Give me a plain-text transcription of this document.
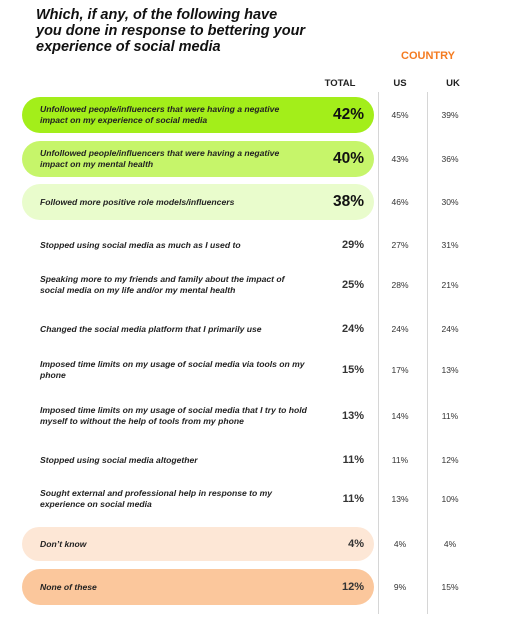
Which, if any, of the following have you done in response to bettering your experience of social media
COUNTRY
TOTAL	US	UK
Unfollowed people/influencers that were having a negative impact on my experience of social media	42%	45%	39%
Unfollowed people/influencers that were having a negative impact on my mental health	40%	43%	36%
Followed more positive role models/influencers	38%	46%	30%
Stopped using social media as much as I used to	29%	27%	31%
Speaking more to my friends and family about the impact of social media on my life and/or my mental health	25%	28%	21%
Changed the social media platform that I primarily use	24%	24%	24%
Imposed time limits on my usage of social media via tools on my phone	15%	17%	13%
Imposed time limits on my usage of social media that I try to hold myself to without the help of tools from my phone	13%	14%	11%
Stopped using social media altogether	11%	11%	12%
Sought external and professional help in response to my experience on social media	11%	13%	10%
Don’t know	4%	4%	4%
None of these	12%	9%	15%
